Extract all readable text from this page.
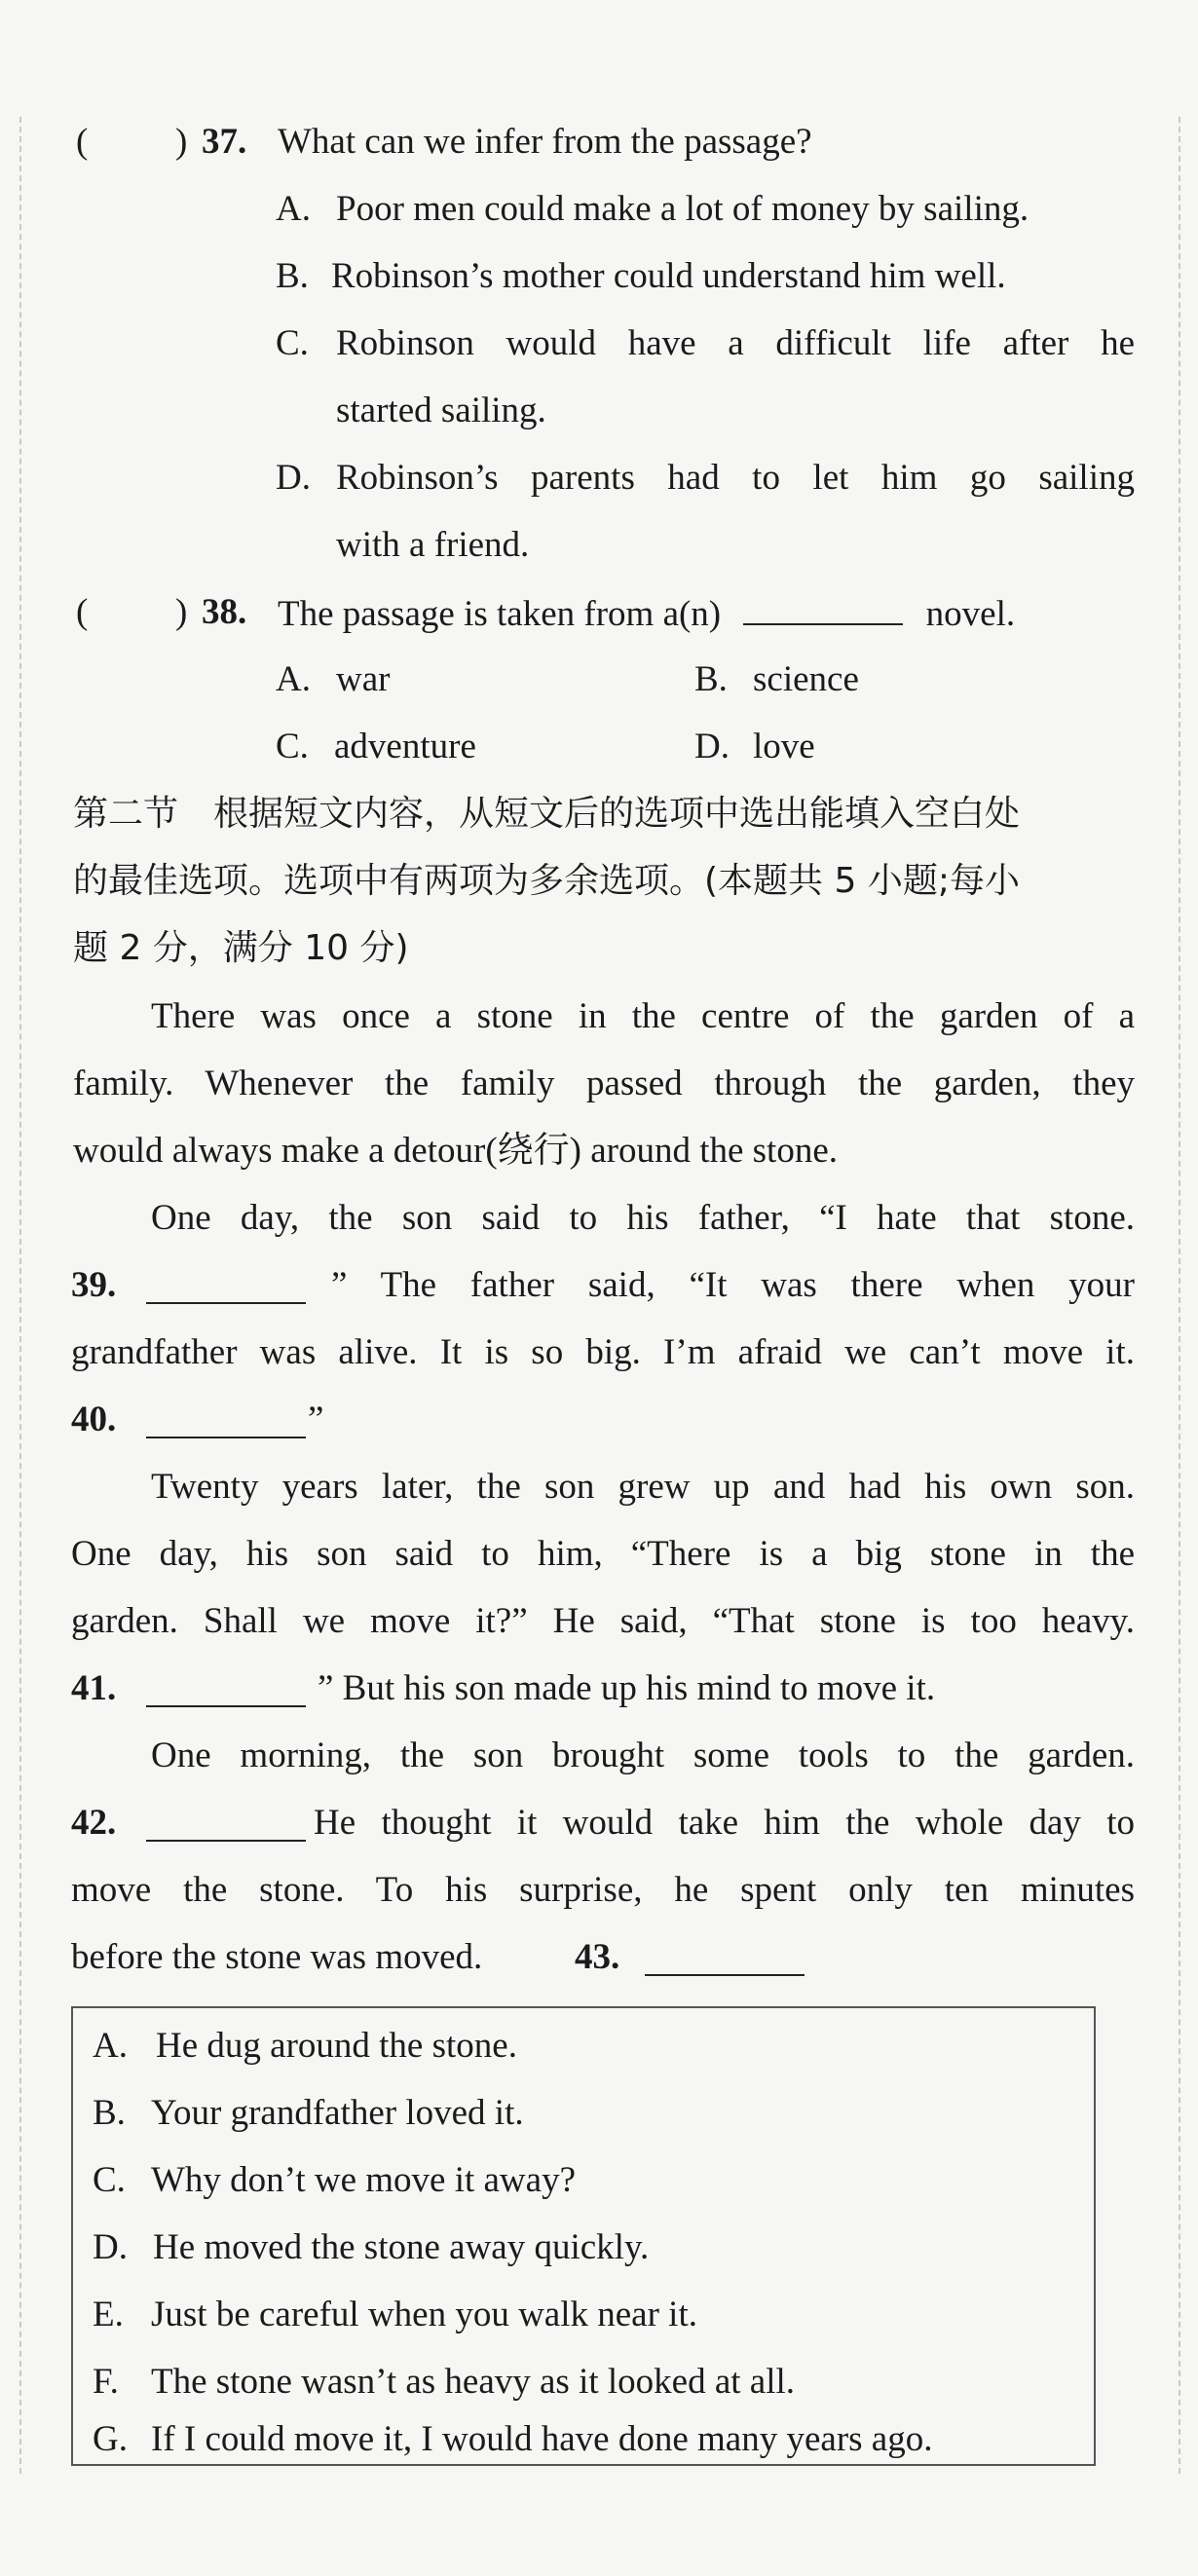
( ) 37. What can we infer from the passage?
A. Poor men could make a lot of money by sailing.
B. Robinson’s mother could understand him well.
C. Robinson would have a difficult life after he
started sailing.
D. Robinson’s parents had to let him go sailing
with a friend.
( ) 38. The passage is taken from a(n)	novel.
A. war	B. science
C. adventure	D. love
第二节　根据短文内容，从短文后的选项中选出能填入空白处
的最佳选项。选项中有两项为多余选项。(本题共 5 小题;每小
题 2 分，满分 10 分)
There was once a stone in the centre of the garden of a
family. Whenever the family passed through the garden, they
would always make a detour(绕行) around the stone.
One day, the son said to his father, “I hate that stone.
39.	” The father said, “It was there when your
grandfather was alive. It is so big. I’m afraid we can’t move it.
40.	”
Twenty years later, the son grew up and had his own son.
One day, his son said to him, “There is a big stone in the
garden. Shall we move it?” He said, “That stone is too heavy.
41.	” But his son made up his mind to move it.
One morning, the son brought some tools to the garden.
42.	He thought it would take him the whole day to
move the stone. To his surprise, he spent only ten minutes
before the stone was moved.	43.
A. He dug around the stone.
B. Your grandfather loved it.
C. Why don’t we move it away?
D. He moved the stone away quickly.
E. Just be careful when you walk near it.
F. The stone wasn’t as heavy as it looked at all.
G. If I could move it, I would have done many years ago.
